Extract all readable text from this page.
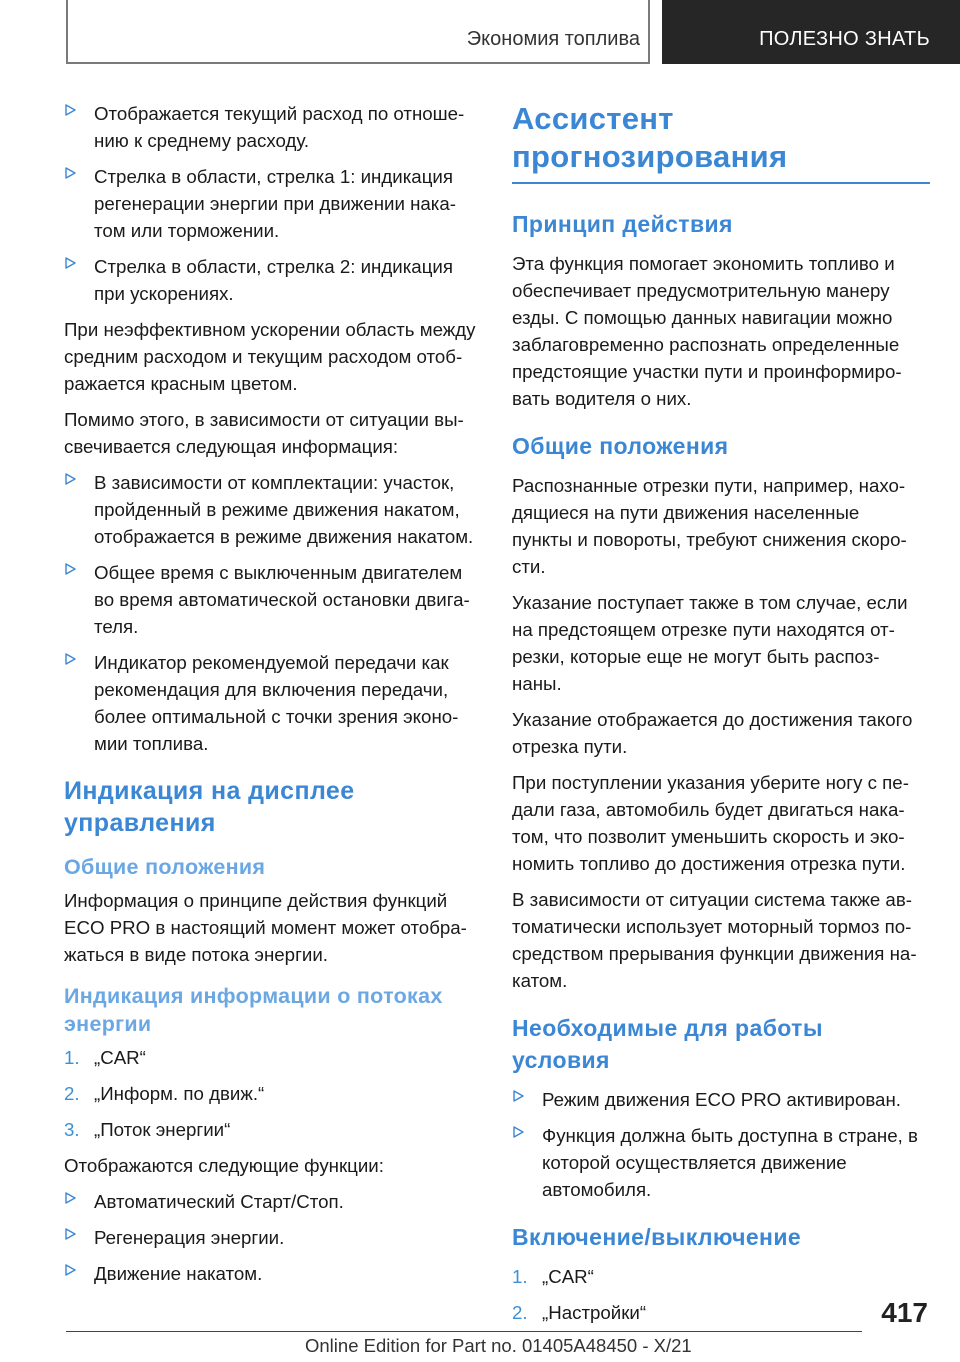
Экономия топлива	ПОЛЕЗНО ЗНАТЬ
Отображается текущий расход по отноше-
нию к среднему расходу.
Стрелка в области, стрелка 1: индикация
регенерации энергии при движении нака-
том или торможении.
Стрелка в области, стрелка 2: индикация
при ускорениях.

При неэффективном ускорении область между
средним расходом и текущим расходом отоб-
ражается красным цветом.

Помимо этого, в зависимости от ситуации вы-
свечивается следующая информация:

В зависимости от комплектации: участок,
пройденный в режиме движения накатом,
отображается в режиме движения накатом.
Общее время с выключенным двигателем
во время автоматической остановки двига-
теля.
Индикатор рекомендуемой передачи как
рекомендация для включения передачи,
более оптимальной с точки зрения эконо-
мии топлива.
Индикация на дисплее
управления
Общие положения

Информация о принципе действия функций
ECO PRO в настоящий момент может отобра-
жаться в виде потока энергии.

Индикация информации о потоках
энергии
1. „CAR“
2. „Информ. по движ.“
3. „Поток энергии“

Отображаются следующие функции:

Автоматический Старт/Стоп.
Регенерация энергии.
Движение накатом.
Ассистент
прогнозирования
Принцип действия

Эта функция помогает экономить топливо и
обеспечивает предусмотрительную манеру
езды. С помощью данных навигации можно
заблаговременно распознать определенные
предстоящие участки пути и проинформиро-
вать водителя о них.

Общие положения

Распознанные отрезки пути, например, нахо-
дящиеся на пути движения населенные
пункты и повороты, требуют снижения скоро-
сти.

Указание поступает также в том случае, если
на предстоящем отрезке пути находятся от-
резки, которые еще не могут быть распоз-
наны.

Указание отображается до достижения такого
отрезка пути.

При поступлении указания уберите ногу с пе-
дали газа, автомобиль будет двигаться нака-
том, что позволит уменьшить скорость и эко-
номить топливо до достижения отрезка пути.

В зависимости от ситуации система также ав-
томатически использует моторный тормоз по-
средством прерывания функции движения на-
катом.

Необходимые для работы
условия
Режим движения ECO PRO активирован.
Функция должна быть доступна в стране, в
которой осуществляется движение
автомобиля.
Включение/выключение
1. „CAR“
2. „Настройки“	417
Online Edition for Part no. 01405A48450 - X/21
